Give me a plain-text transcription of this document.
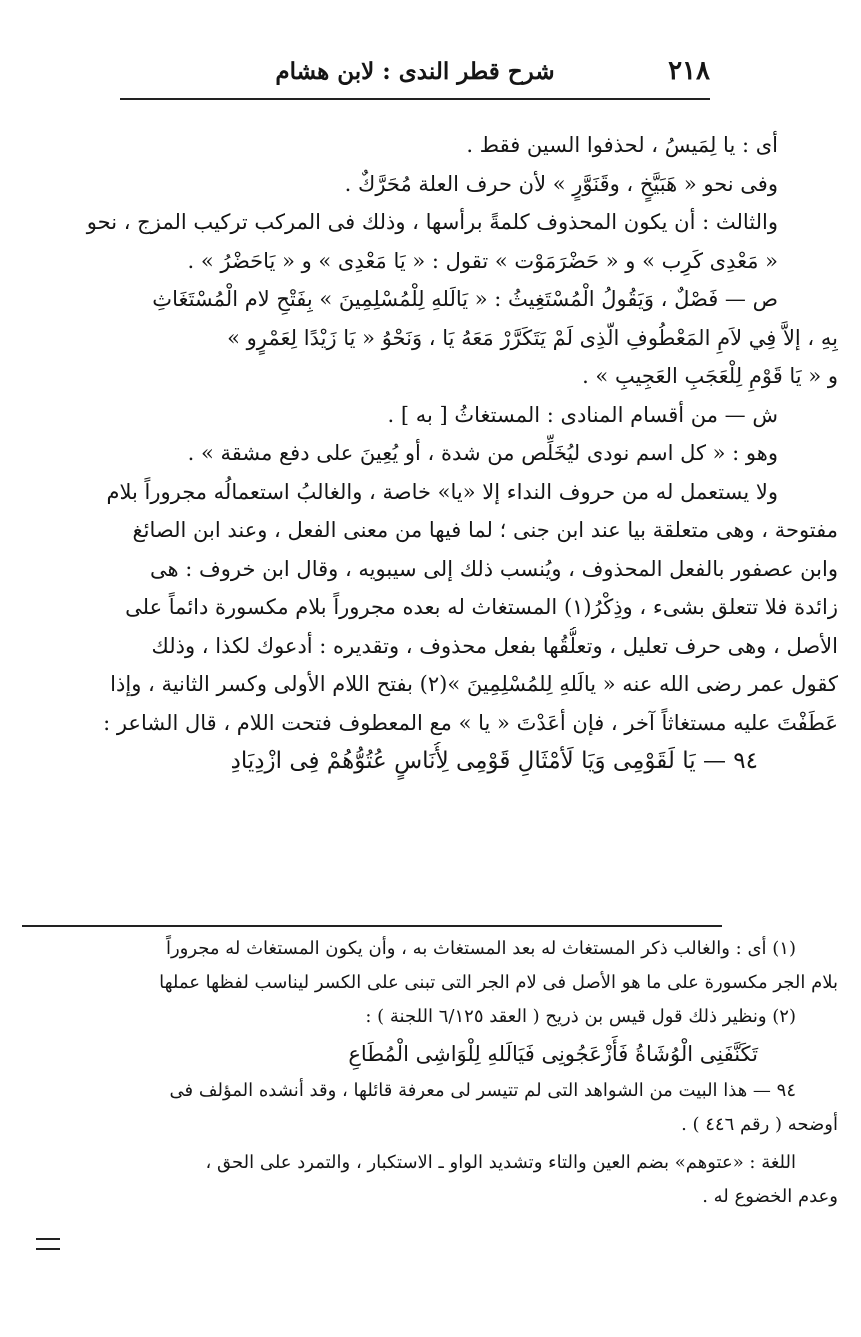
٢١٨
شرح قطر الندى : لابن هشام
أى : يا لِمَيسُ ، لحذفوا السين فقط .
وفى نحو « هَبَيَّخٍ ، وقَنَوَّرٍ » لأن حرف العلة مُحَرَّكٌ .
والثالث : أن يكون المحذوف كلمةً برأسها ، وذلك فى المركب تركيب المزج ، نحو
« مَعْدِى كَرِب » و « حَضْرَمَوْت » تقول : « يَا مَعْدِى » و « يَاحَضْرُ » .
ص — فَصْلٌ ، وَيَقُولُ الْمُسْتَغِيثُ : « يَالَلهِ لِلْمُسْلِمِينَ » بِفَتْحِ لام الْمُسْتَغَاثِ
بِهِ ، إلاَّ فِي لاَمِ المَعْطُوفِ الّذِى لَمْ يَتَكَرَّرْ مَعَهُ يَا ، وَنَحْوُ « يَا زَيْدًا لِعَمْرٍو »
و « يَا قَوْمِ لِلْعَجَبِ العَجِيبِ » .
ش — من أقسام المنادى : المستغاثُ [ به ] .
وهو : « كل اسم نودى ليُخَلِّص من شدة ، أو يُعِينَ على دفع مشقة » .
ولا يستعمل له من حروف النداء إلا «يا» خاصة ، والغالبُ استعمالُه مجروراً بلام
مفتوحة ، وهى متعلقة بيا عند ابن جنى ؛ لما فيها من معنى الفعل ، وعند ابن الصائغ
وابن عصفور بالفعل المحذوف ، ويُنسب ذلك إلى سيبويه ، وقال ابن خروف : هى
زائدة فلا تتعلق بشىء ، وذِكْرُ(١) المستغاث له بعده مجروراً بلام مكسورة دائماً على
الأصل ، وهى حرف تعليل ، وتعلُّقُها بفعل محذوف ، وتقديره : أدعوك لكذا ، وذلك
كقول عمر رضى الله عنه « يالَلهِ لِلمُسْلِمِينَ »(٢) بفتح اللام الأولى وكسر الثانية ، وإذا
عَطَفْتَ عليه مستغاثاً آخر ، فإن أعَدْتَ « يا » مع المعطوف فتحت اللام ، قال الشاعر :
٩٤ — يَا لَقَوْمِى وَيَا لَأمْثَالِ قَوْمِى لِأُنَاسٍ عُتُوُّهُمْ فِى ازْدِيَادِ
(١) أى : والغالب ذكر المستغاث له بعد المستغاث به ، وأن يكون المستغاث له مجروراً
بلام الجر مكسورة على ما هو الأصل فى لام الجر التى تبنى على الكسر ليناسب لفظها عملها
(٢) ونظير ذلك قول قيس بن ذريح ( العقد ٦/١٢٥ اللجنة ) :
تَكَنَّفَنِى الْوُشَاةُ فَأَزْعَجُونِى فَيَالَلهِ لِلْوَاشِى الْمُطَاعِ
٩٤ — هذا البيت من الشواهد التى لم تتيسر لى معرفة قائلها ، وقد أنشده المؤلف فى
أوضحه ( رقم ٤٤٦ ) .
اللغة : «عتوهم» بضم العين والتاء وتشديد الواو ـ الاستكبار ، والتمرد على الحق ،
وعدم الخضوع له .
